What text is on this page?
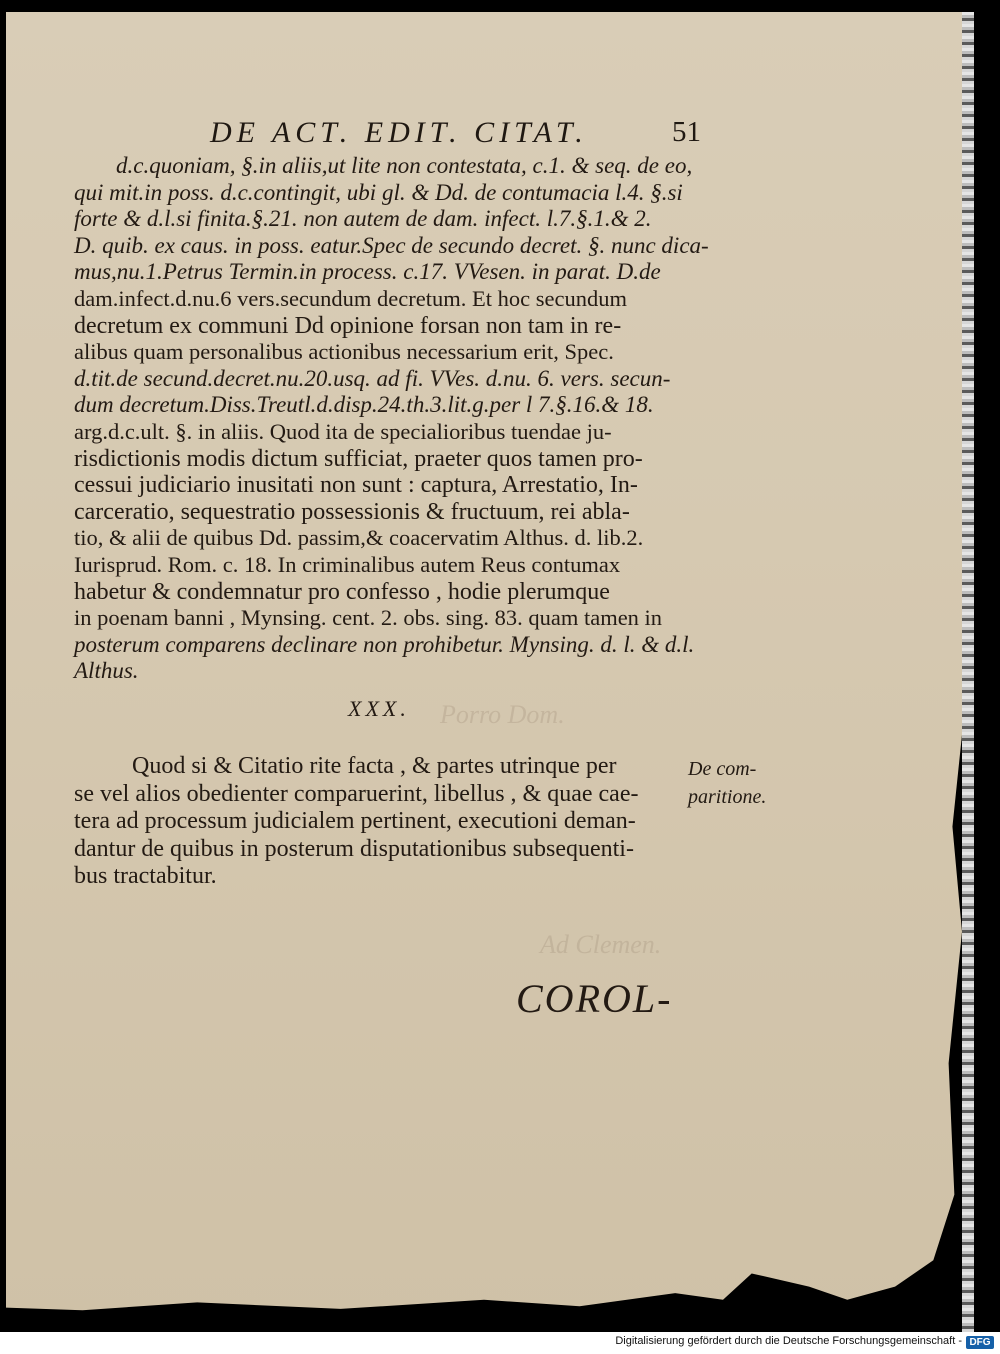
Porro Dom.
Ad Clemen.
DE ACT. EDIT. CITAT.	51
d.c.quoniam, §.in aliis,ut lite non contestata, c.1. & seq. de eo,
qui mit.in poss. d.c.contingit, ubi gl. & Dd. de contumacia l.4. §.si
forte & d.l.si finita.§.21. non autem de dam. infect. l.7.§.1.& 2.
D. quib. ex caus. in poss. eatur.Spec de secundo decret. §. nunc dica-
mus,nu.1.Petrus Termin.in process. c.17. VVesen. in parat. D.de
dam.infect.d.nu.6 vers.secundum decretum. Et hoc secundum
decretum ex communi Dd opinione forsan non tam in re-
alibus quam personalibus actionibus necessarium erit, Spec.
d.tit.de secund.decret.nu.20.usq. ad fi. VVes. d.nu. 6. vers. secun-
dum decretum.Diss.Treutl.d.disp.24.th.3.lit.g.per l 7.§.16.& 18.
arg.d.c.ult. §. in aliis. Quod ita de specialioribus tuendae ju-
risdictionis modis dictum sufficiat, praeter quos tamen pro-
cessui judiciario inusitati non sunt : captura, Arrestatio, In-
carceratio, sequestratio possessionis & fructuum, rei abla-
tio, & alii de quibus Dd. passim,& coacervatim Althus. d. lib.2.
Iurisprud. Rom. c. 18. In criminalibus autem Reus contumax
habetur & condemnatur pro confesso , hodie plerumque
in poenam banni , Mynsing. cent. 2. obs. sing. 83. quam tamen in
posterum comparens declinare non prohibetur. Mynsing. d. l. & d.l.
Althus.
XXX.
Quod si & Citatio rite facta , & partes utrinque per
se vel alios obedienter comparuerint, libellus , & quae cae-
tera ad processum judicialem pertinent, executioni deman-
dantur de quibus in posterum disputationibus subsequenti-
bus tractabitur.
De com-
paritione.
COROL-
Digitalisierung gefördert durch die Deutsche Forschungsgemeinschaft - DFG
